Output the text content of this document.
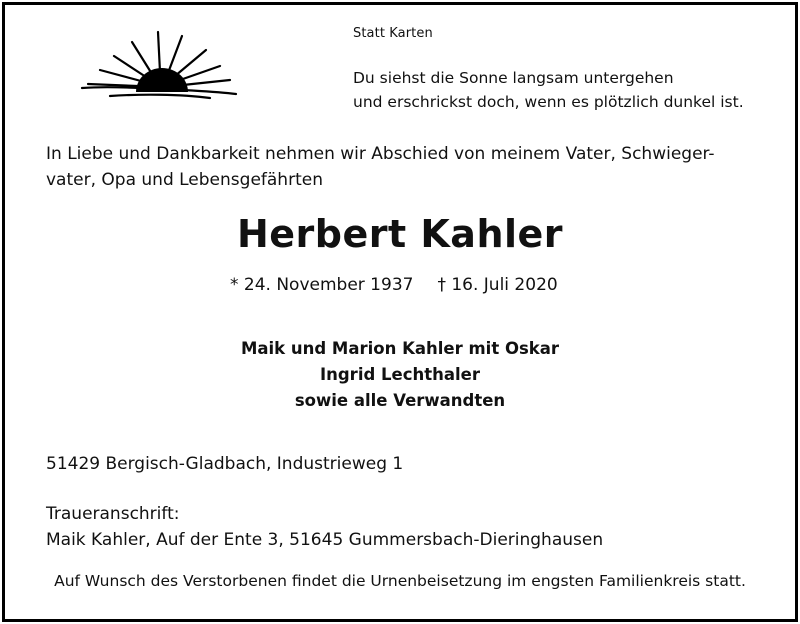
Statt Karten
Du siehst die Sonne langsam untergehen
und erschrickst doch, wenn es plötzlich dunkel ist.
In Liebe und Dankbarkeit nehmen wir Abschied von meinem Vater, Schwieger-
vater, Opa und Lebensgefährten
Herbert Kahler
* 24. November 1937 † 16. Juli 2020
Maik und Marion Kahler mit Oskar
Ingrid Lechthaler
sowie alle Verwandten
51429 Bergisch-Gladbach, Industrieweg 1
Traueranschrift:
Maik Kahler, Auf der Ente 3, 51645 Gummersbach-Dieringhausen
Auf Wunsch des Verstorbenen findet die Urnenbeisetzung im engsten Familienkreis statt.
